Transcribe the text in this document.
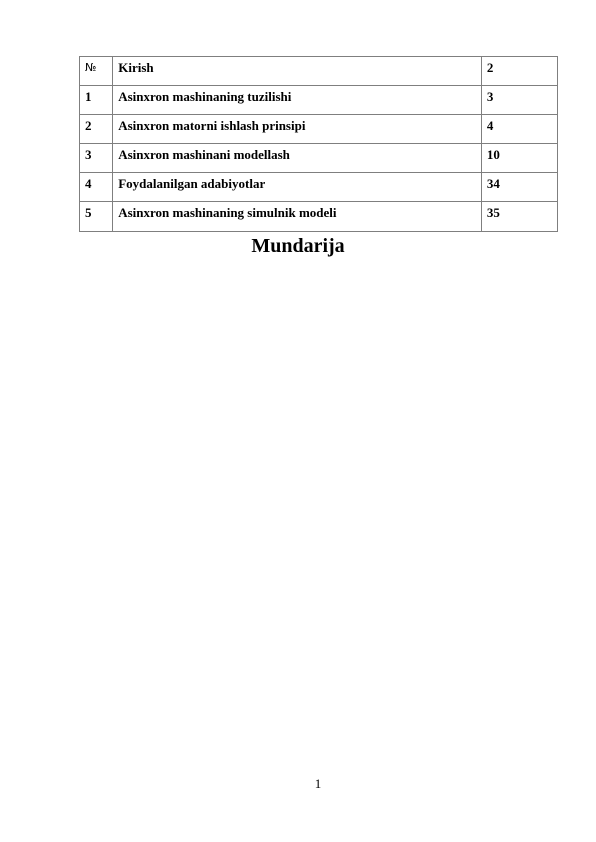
№	Kirish	2
1	Asinxron mashinaning tuzilishi	3
2	Asinxron matorni ishlash prinsipi	4
3	Asinxron mashinani modellash	10
4	Foydalanilgan adabiyotlar	34
5	Asinxron mashinaning simulnik modeli	35
Mundarija
1
